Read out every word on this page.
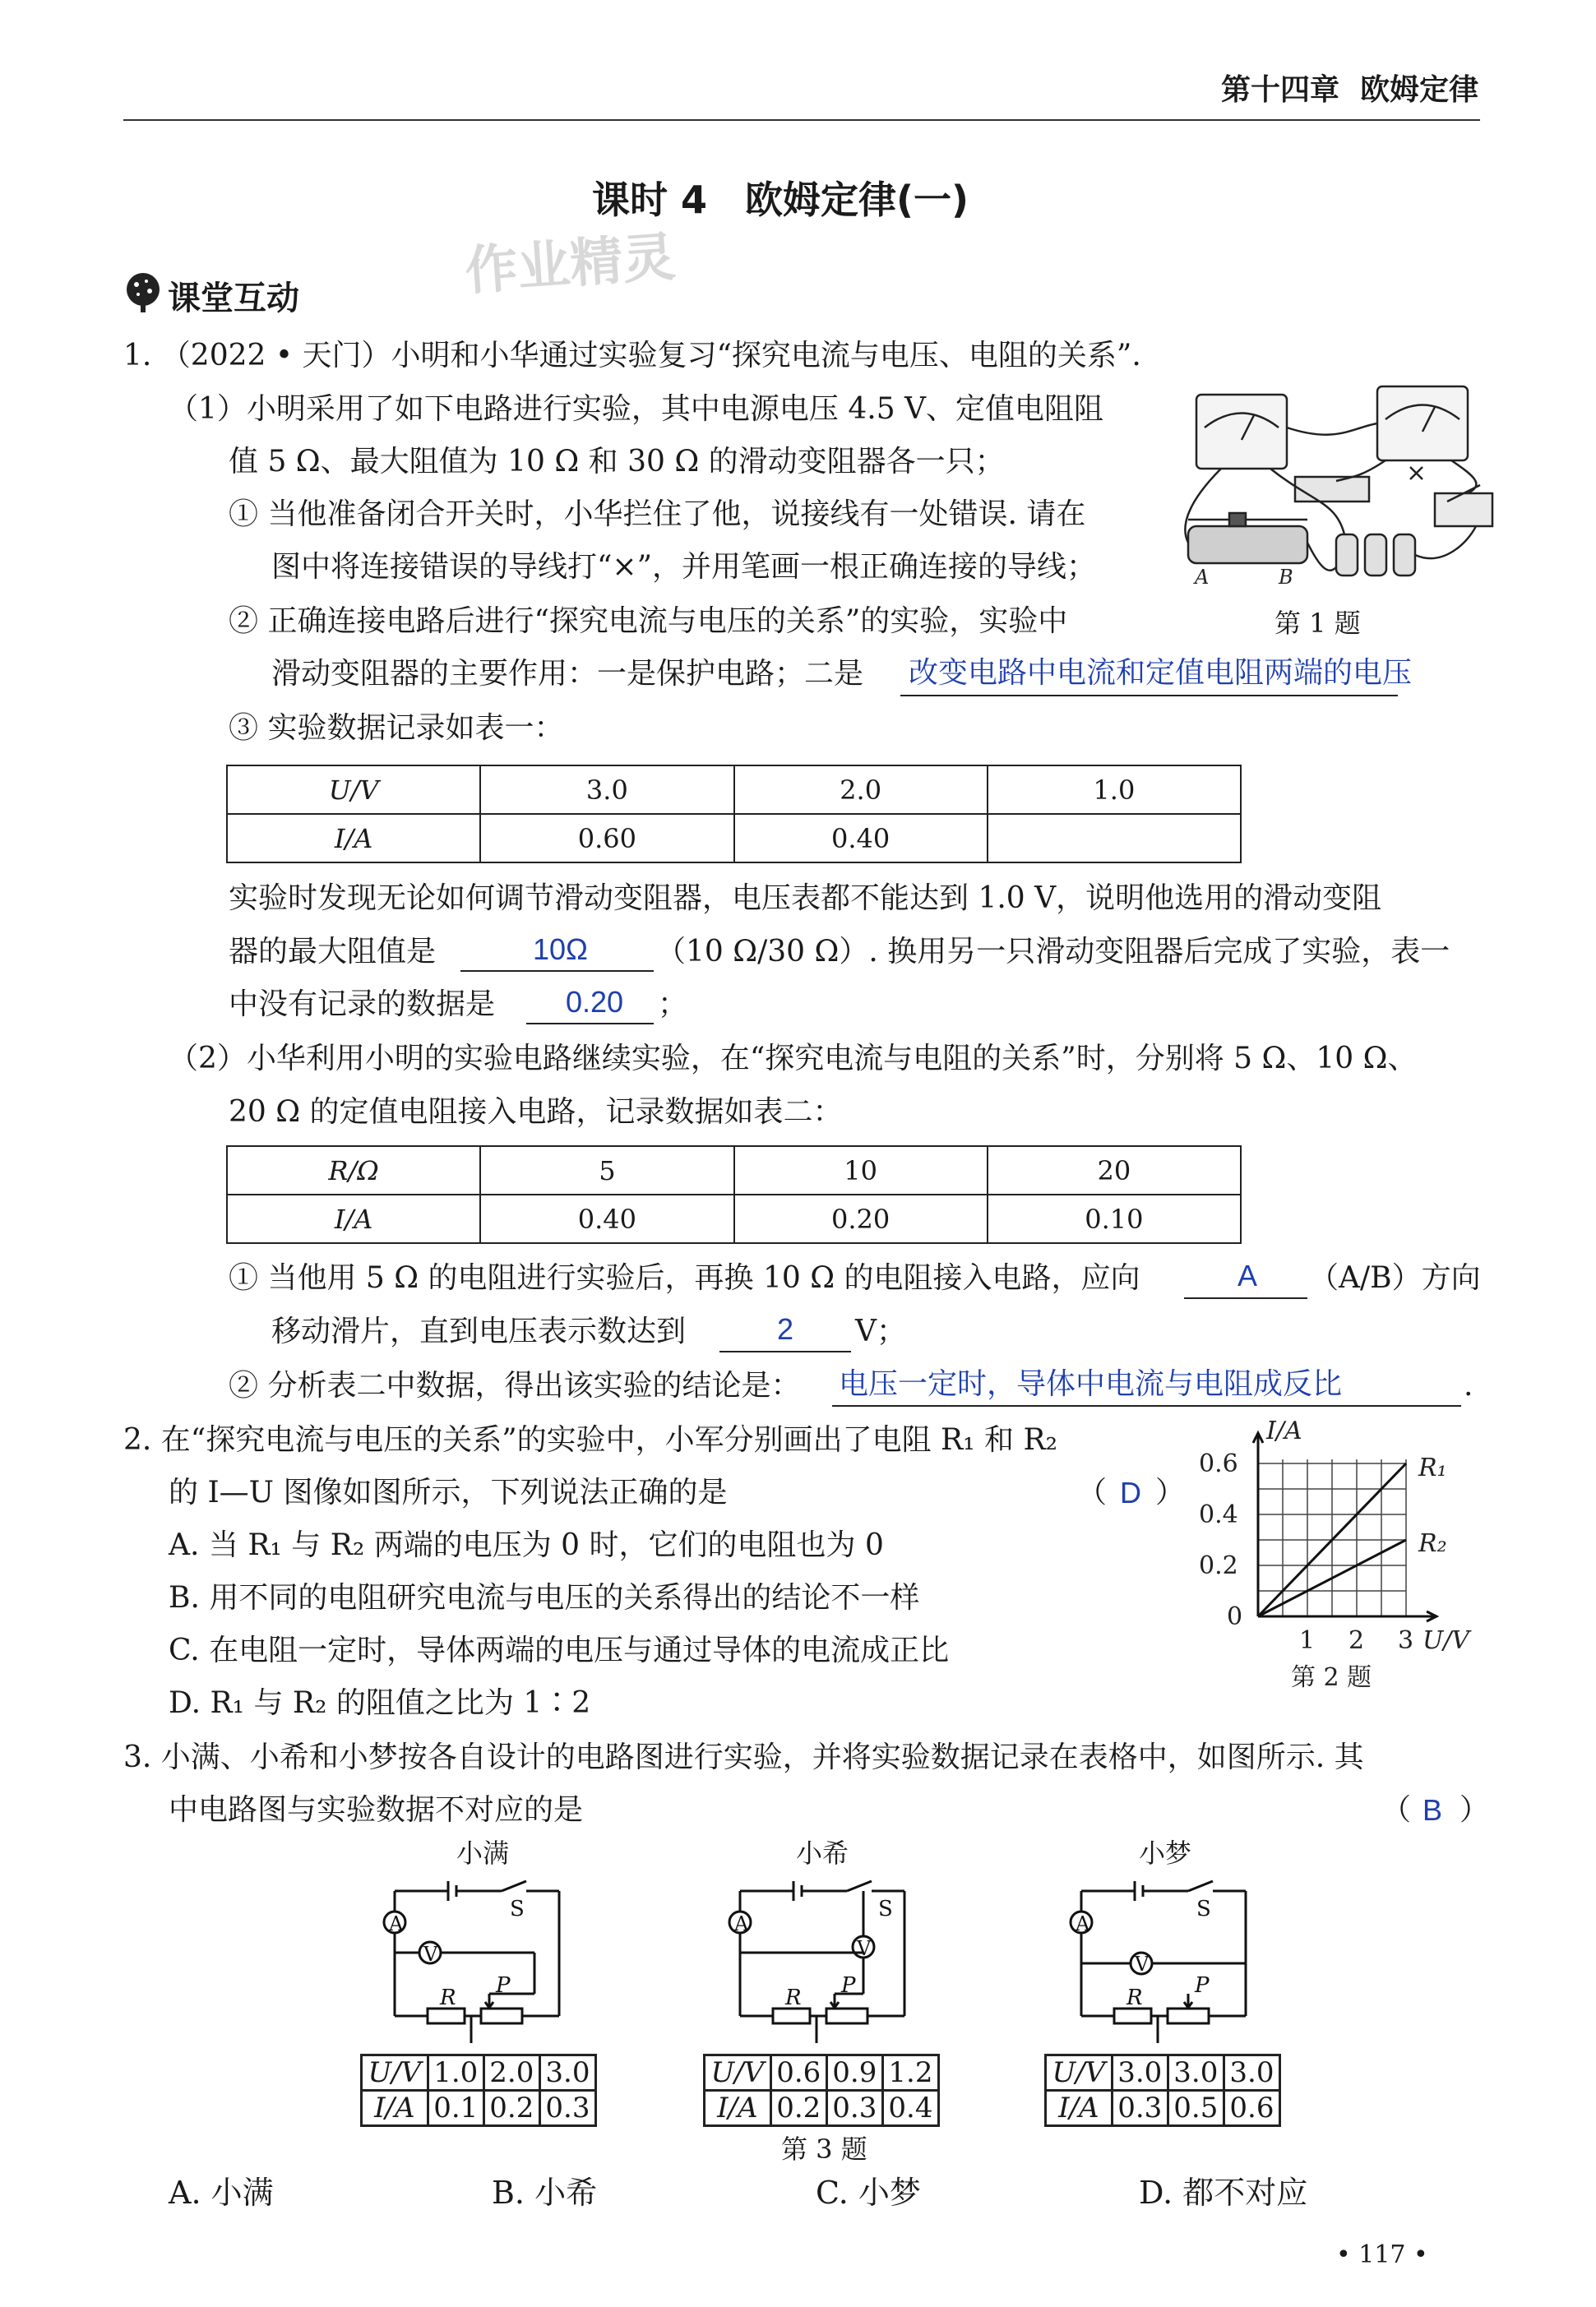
第十四章 欧姆定律
课时 4　欧姆定律(一)
作业精灵
课堂互动
1. （2022 • 天门）小明和小华通过实验复习“探究电流与电压、电阻的关系”.
（1）小明采用了如下电路进行实验，其中电源电压 4.5 V、定值电阻阻
值 5 Ω、最大阻值为 10 Ω 和 30 Ω 的滑动变阻器各一只；
① 当他准备闭合开关时，小华拦住了他，说接线有一处错误. 请在
图中将连接错误的导线打“×”，并用笔画一根正确连接的导线；
② 正确连接电路后进行“探究电流与电压的关系”的实验，实验中
滑动变阻器的主要作用：一是保护电路；二是 改变电路中电流和定值电阻两端的电压
③ 实验数据记录如表一：
A	B
第 1 题
U/V	3.0	2.0	1.0
I/A	0.60	0.40	
实验时发现无论如何调节滑动变阻器，电压表都不能达到 1.0 V，说明他选用的滑动变阻
器的最大阻值是	10Ω （10 Ω/30 Ω）. 换用另一只滑动变阻器后完成了实验，表一
中没有记录的数据是 0.20 ；
（2）小华利用小明的实验电路继续实验，在“探究电流与电阻的关系”时，分别将 5 Ω、10 Ω、
20 Ω 的定值电阻接入电路，记录数据如表二：
R/Ω	5	10	20
I/A	0.40	0.20	0.10
① 当他用 5 Ω 的电阻进行实验后，再换 10 Ω 的电阻接入电路，应向	A （A/B）方向
移动滑片，直到电压表示数达到	2 V；
② 分析表二中数据，得出该实验的结论是： 电压一定时，导体中电流与电阻成反比	.
2. 在“探究电流与电压的关系”的实验中，小军分别画出了电阻 R₁ 和 R₂
的 I—U 图像如图所示，下列说法正确的是	（ D ）
A. 当 R₁ 与 R₂ 两端的电压为 0 时，它们的电阻也为 0
B. 用不同的电阻研究电流与电压的关系得出的结论不一样
C. 在电阻一定时，导体两端的电压与通过导体的电流成正比
D. R₁ 与 R₂ 的阻值之比为 1∶2
I/A
0.6
0.4
0.2
0
1 2 3 U/V
R₁
R₂
第 2 题
3. 小满、小希和小梦按各自设计的电路图进行实验，并将实验数据记录在表格中，如图所示. 其
中电路图与实验数据不对应的是	（ B ）
小满
A
V
S
R P
U/V	1.0	2.0	3.0
I/A	0.1	0.2	0.3
小希
A
V
S
R P
U/V	0.6	0.9	1.2
I/A	0.2	0.3	0.4
小梦
A
V
S
R P
U/V	3.0	3.0	3.0
I/A	0.3	0.5	0.6
第 3 题
A. 小满	B. 小希	C. 小梦	D. 都不对应
• 117 •
